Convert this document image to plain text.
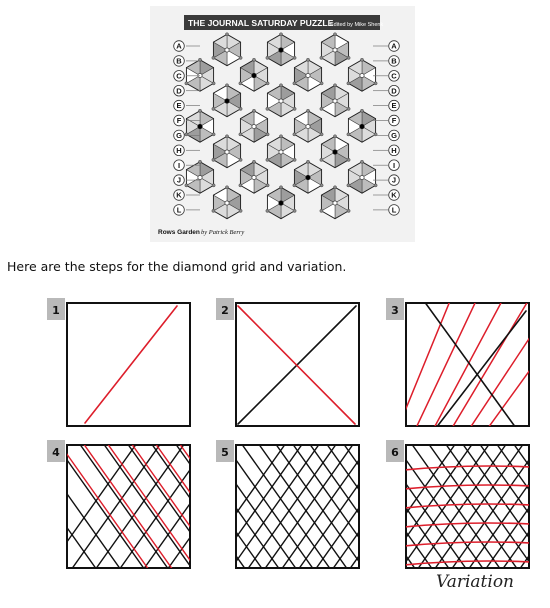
THE JOURNAL SATURDAY PUZZLE
Edited by Mike Shenk
A	A
B	B
C	C
D	D
E	E
F	F
G	G
H	H
I	I
J	J
K	K
L	L
Rows Garden by Patrick Berry
Here are the steps for the diamond grid and variation.
1	2	3
4	5	6
Variation
